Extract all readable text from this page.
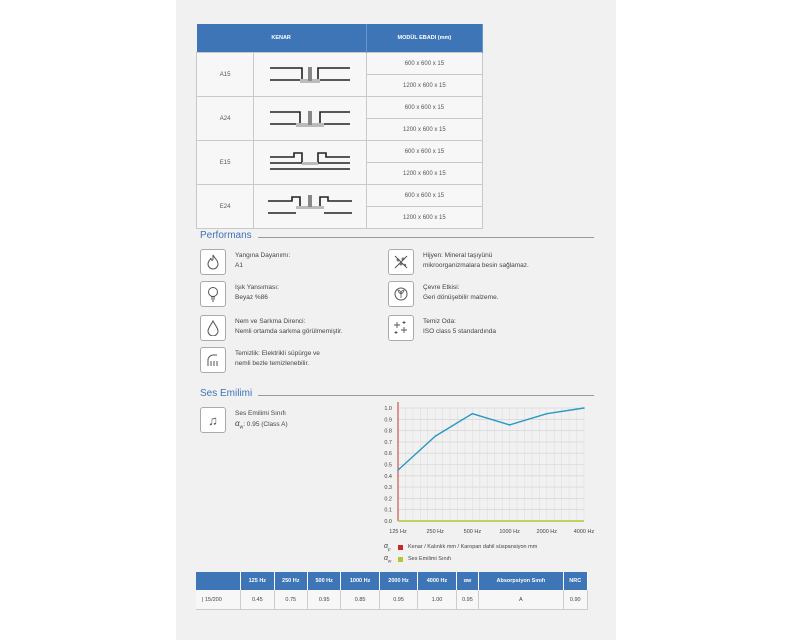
KENAR		MODÜL EBADI (mm)
A15		600 x 600 x 15
		1200 x 600 x 15
A24		600 x 600 x 15
		1200 x 600 x 15
E15		600 x 600 x 15
		1200 x 600 x 15
E24		600 x 600 x 15
		1200 x 600 x 15
Performans
Yangına Dayanımı:
A1
Işık Yansıması:
Beyaz %86
Nem ve Sarkma Direnci:
Nemli ortamda sarkma görülmemiştir.
Temizlik: Elektrikli süpürge ve
nemli bezle temizlenebilir.
Hijyen: Mineral taşıyünü
mikroorganizmalara besin sağlamaz.
Çevre Etkisi:
Geri dönüşebilir malzeme.
Temiz Oda:
ISO class 5 standardında
Ses Emilimi
♫	Ses Emilimi Sınıfı
$\alpha_w$: 0.95 (Class A)
0.0
0.1
0.2
0.3
0.4
0.5
0.6
0.7
0.8
0.9
1.0
125 Hz	250 Hz	500 Hz	1000 Hz	2000 Hz	4000 Hz
$\alpha_p$	Kenar / Kalınlık mm / Karopan dahil süspansiyon mm
$\alpha_w$	Ses Emilimi Sınıfı
	125 Hz	250 Hz	500 Hz	1000 Hz	2000 Hz	4000 Hz	αw	Absorpsiyon Sınıfı	NRC
| 15/200	0.45	0.75	0.95	0.85	0.95	1.00	0.95	A	0.90
